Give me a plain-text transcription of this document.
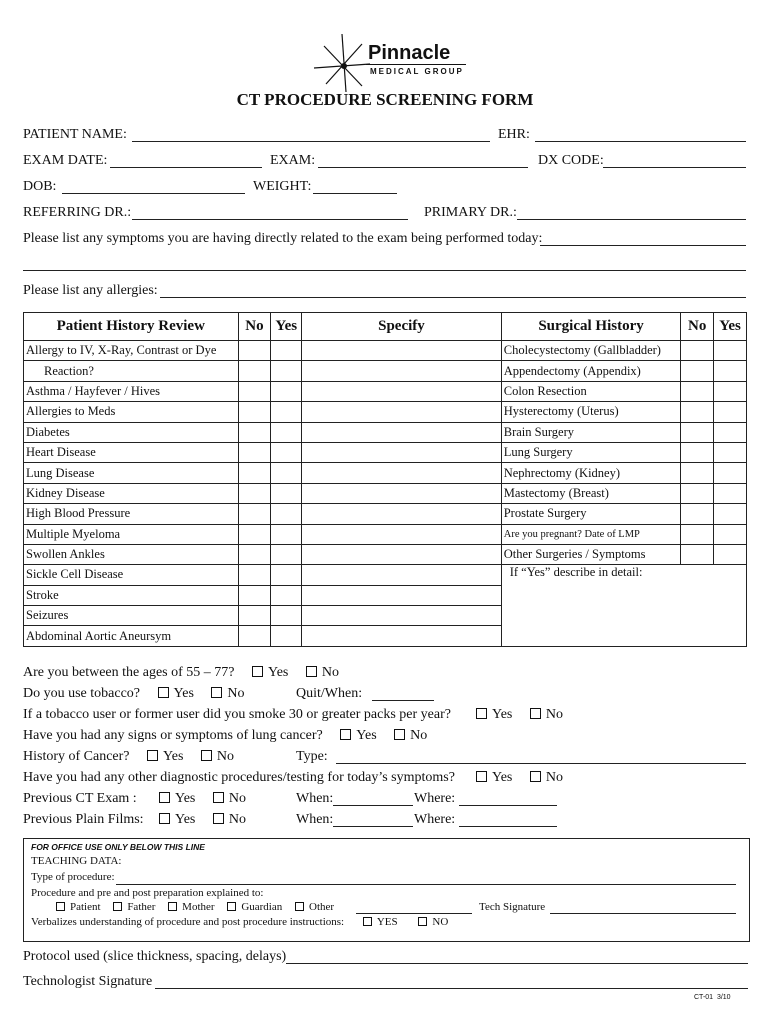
Pinnacle
MEDICAL GROUP
CT PROCEDURE SCREENING FORM
PATIENT NAME:	EHR:
EXAM DATE:	EXAM:	DX CODE:
DOB:	WEIGHT:
REFERRING DR.:	PRIMARY DR.:
Please list any symptoms you are having directly related to the exam being performed today:
Please list any allergies:
Patient History Review	No	Yes	Specify	Surgical History	No	Yes
Allergy to IV, X-Ray, Contrast or Dye				Cholecystectomy (Gallbladder)		
Reaction?				Appendectomy (Appendix)		
Asthma / Hayfever / Hives				Colon Resection		
Allergies to Meds				Hysterectomy (Uterus)		
Diabetes				Brain Surgery		
Heart Disease				Lung Surgery		
Lung Disease				Nephrectomy (Kidney)		
Kidney Disease				Mastectomy (Breast)		
High Blood Pressure				Prostate Surgery		
Multiple Myeloma				Are you pregnant? Date of LMP		
Swollen Ankles				Other Surgeries / Symptoms		
Sickle Cell Disease				If “Yes” describe in detail:		
Stroke						
Seizures						
Abdominal Aortic Aneursym						
Are you between the ages of 55 – 77? Yes No
Do you use tobacco? Yes No	Quit/When:
If a tobacco user or former user did you smoke 30 or greater packs per year?	Yes No
Have you had any signs or symptoms of lung cancer? Yes No
History of Cancer? Yes No	Type:
Have you had any other diagnostic procedures/testing for today’s symptoms?	Yes No
Previous CT Exam :	Yes No	When:	Where:
Previous Plain Films:	Yes No	When:	Where:
FOR OFFICE USE ONLY BELOW THIS LINE
TEACHING DATA:
Type of procedure:
Procedure and pre and post preparation explained to:
Patient Father Mother Guardian Other	Tech Signature
Verbalizes understanding of procedure and post procedure instructions:	YES	NO
Protocol used (slice thickness, spacing, delays)
Technologist Signature
CT-01  3/10
